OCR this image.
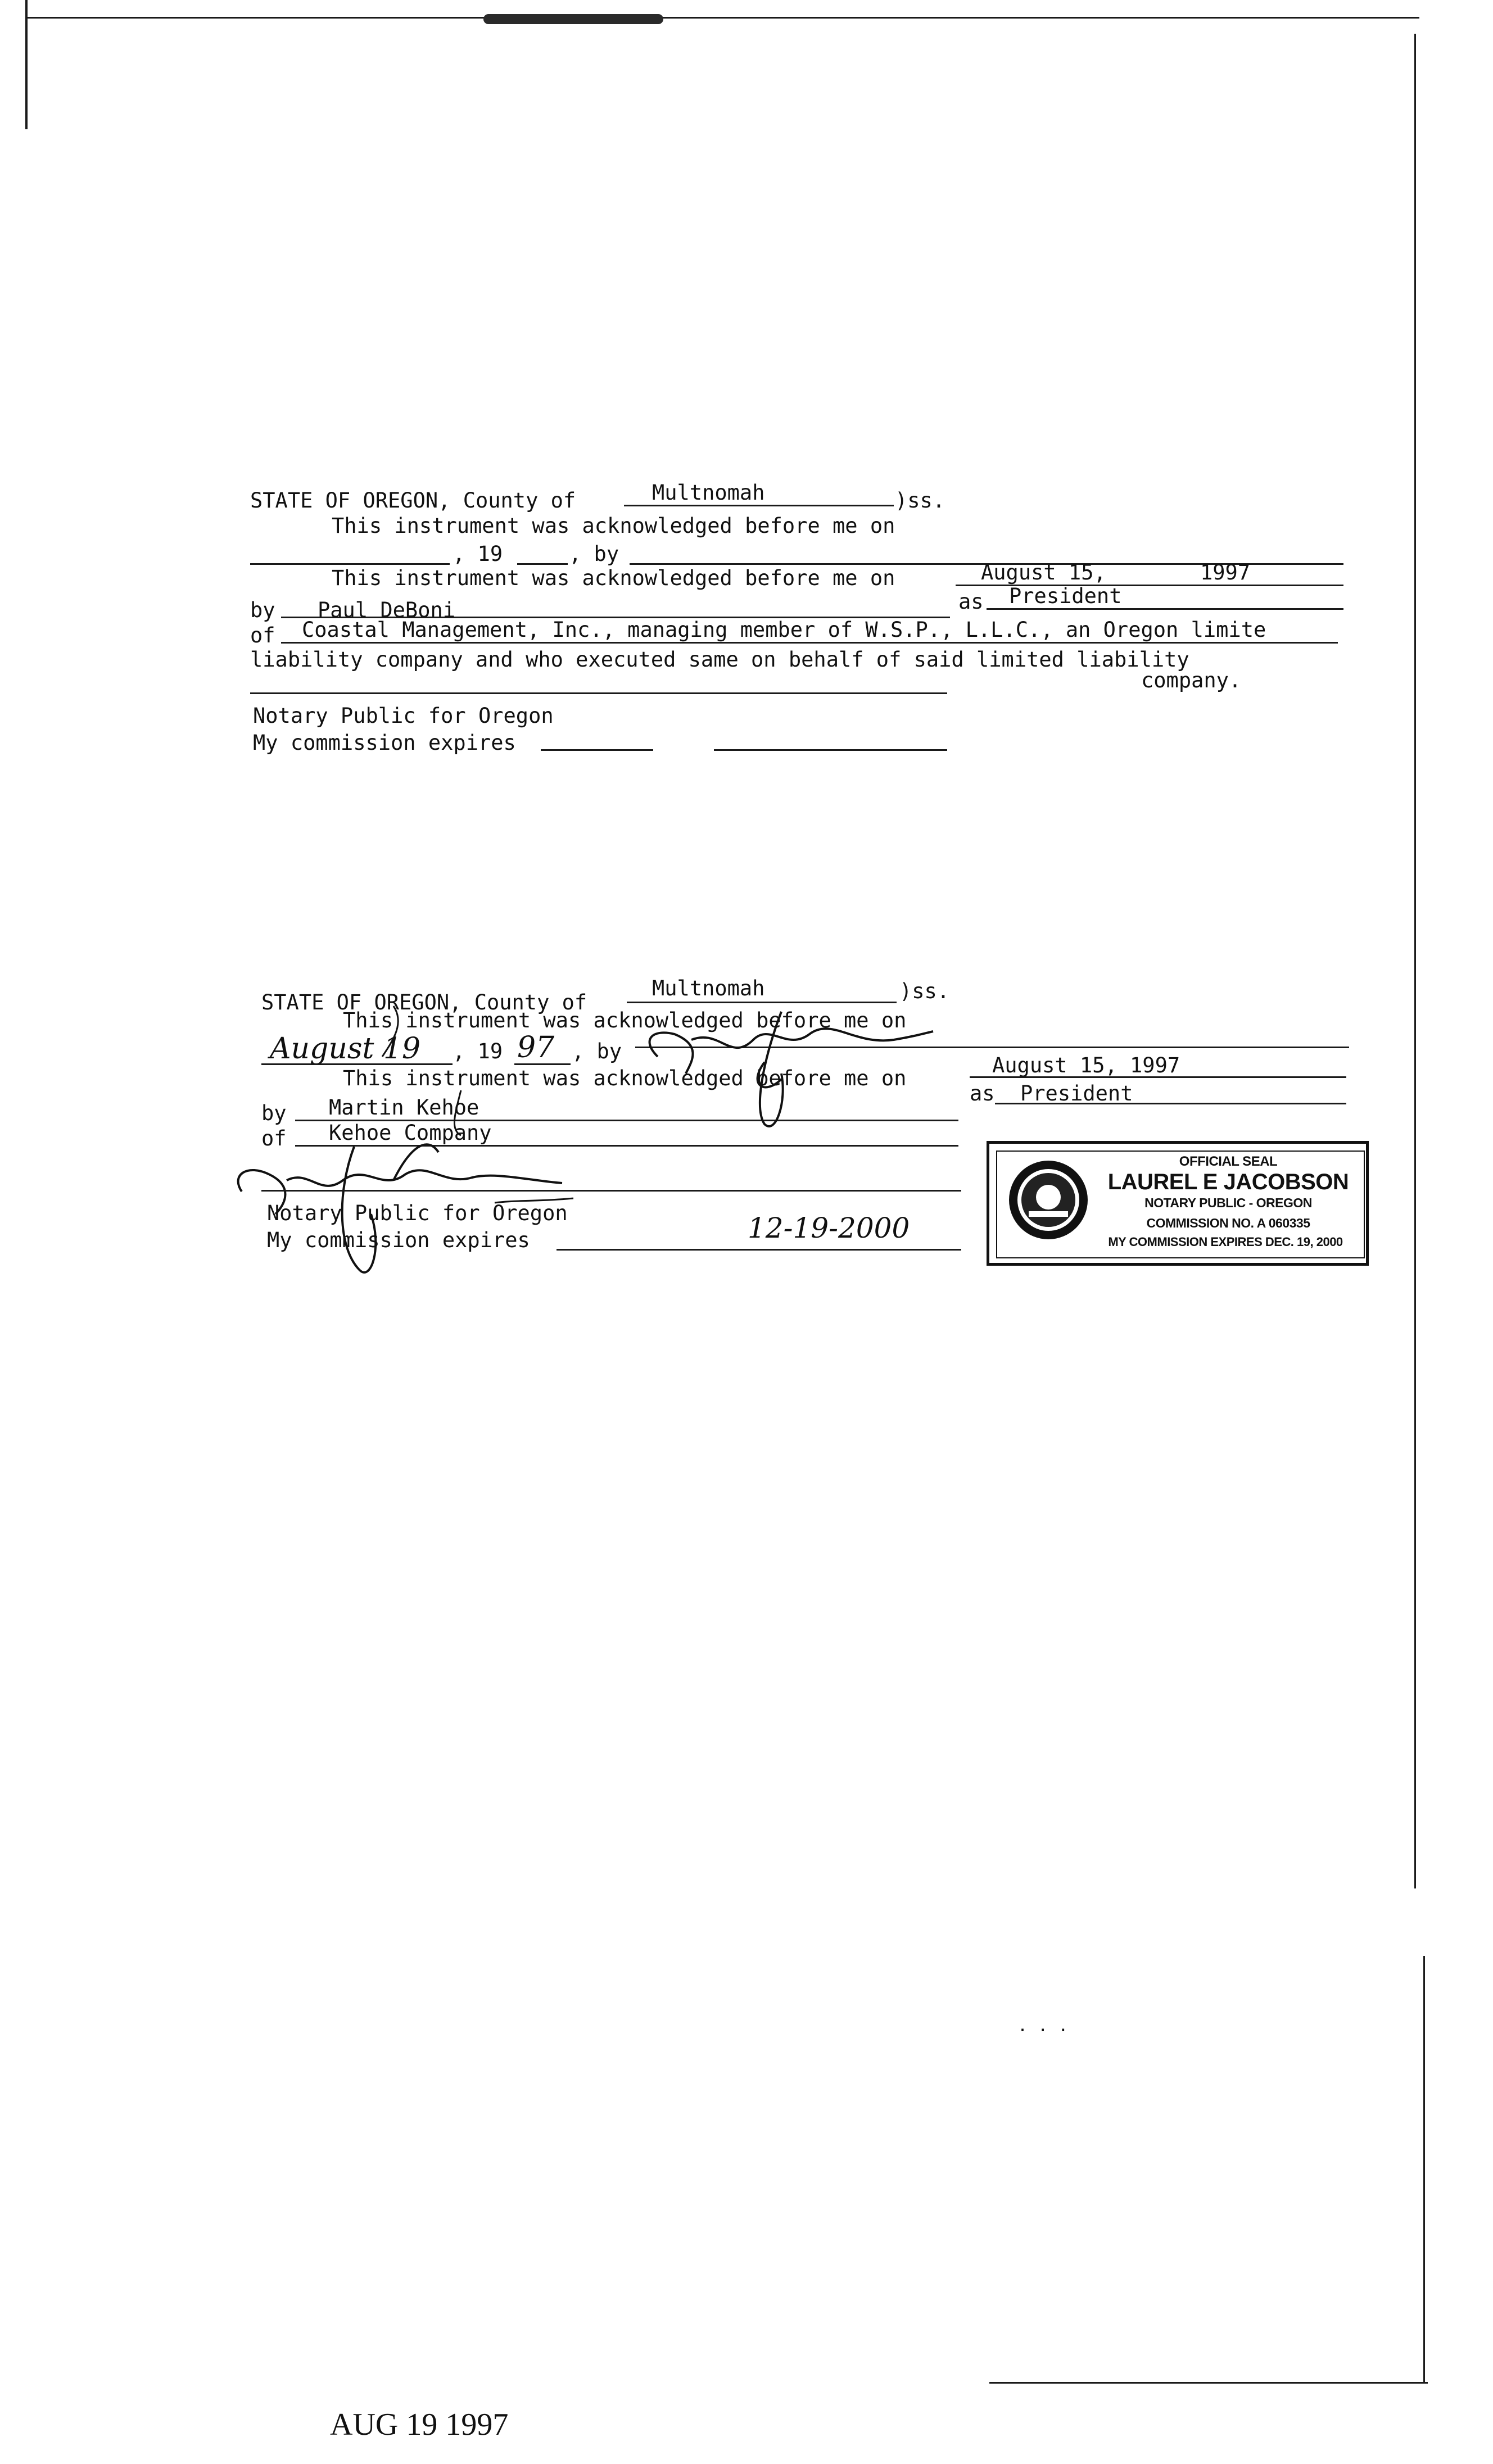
STATE OF OREGON, County of	Multnomah	)ss.
This instrument was acknowledged before me on
, 19	, by
This instrument was acknowledged before me on	August 15,	1997
by Paul DeBoni	as President
of Coastal Management, Inc., managing member of W.S.P., L.L.C., an Oregon limite
liability company and who executed same on behalf of said limited liability
company.
Notary Public for Oregon
My commission expires
STATE OF OREGON, County of
Multnomah	)ss.
This instrument was acknowledged before me on
August 19 , 19 97 , by
This instrument was acknowledged before me on
August 15, 1997
as President
by Martin Kehoe
of Kehoe Company
Notary Public for Oregon
My commission expires	12-19-2000
OFFICIAL SEAL
LAUREL E JACOBSON
NOTARY PUBLIC - OREGON
COMMISSION NO. A 060335
MY COMMISSION EXPIRES DEC. 19, 2000
. . .
AUG 19 1997
